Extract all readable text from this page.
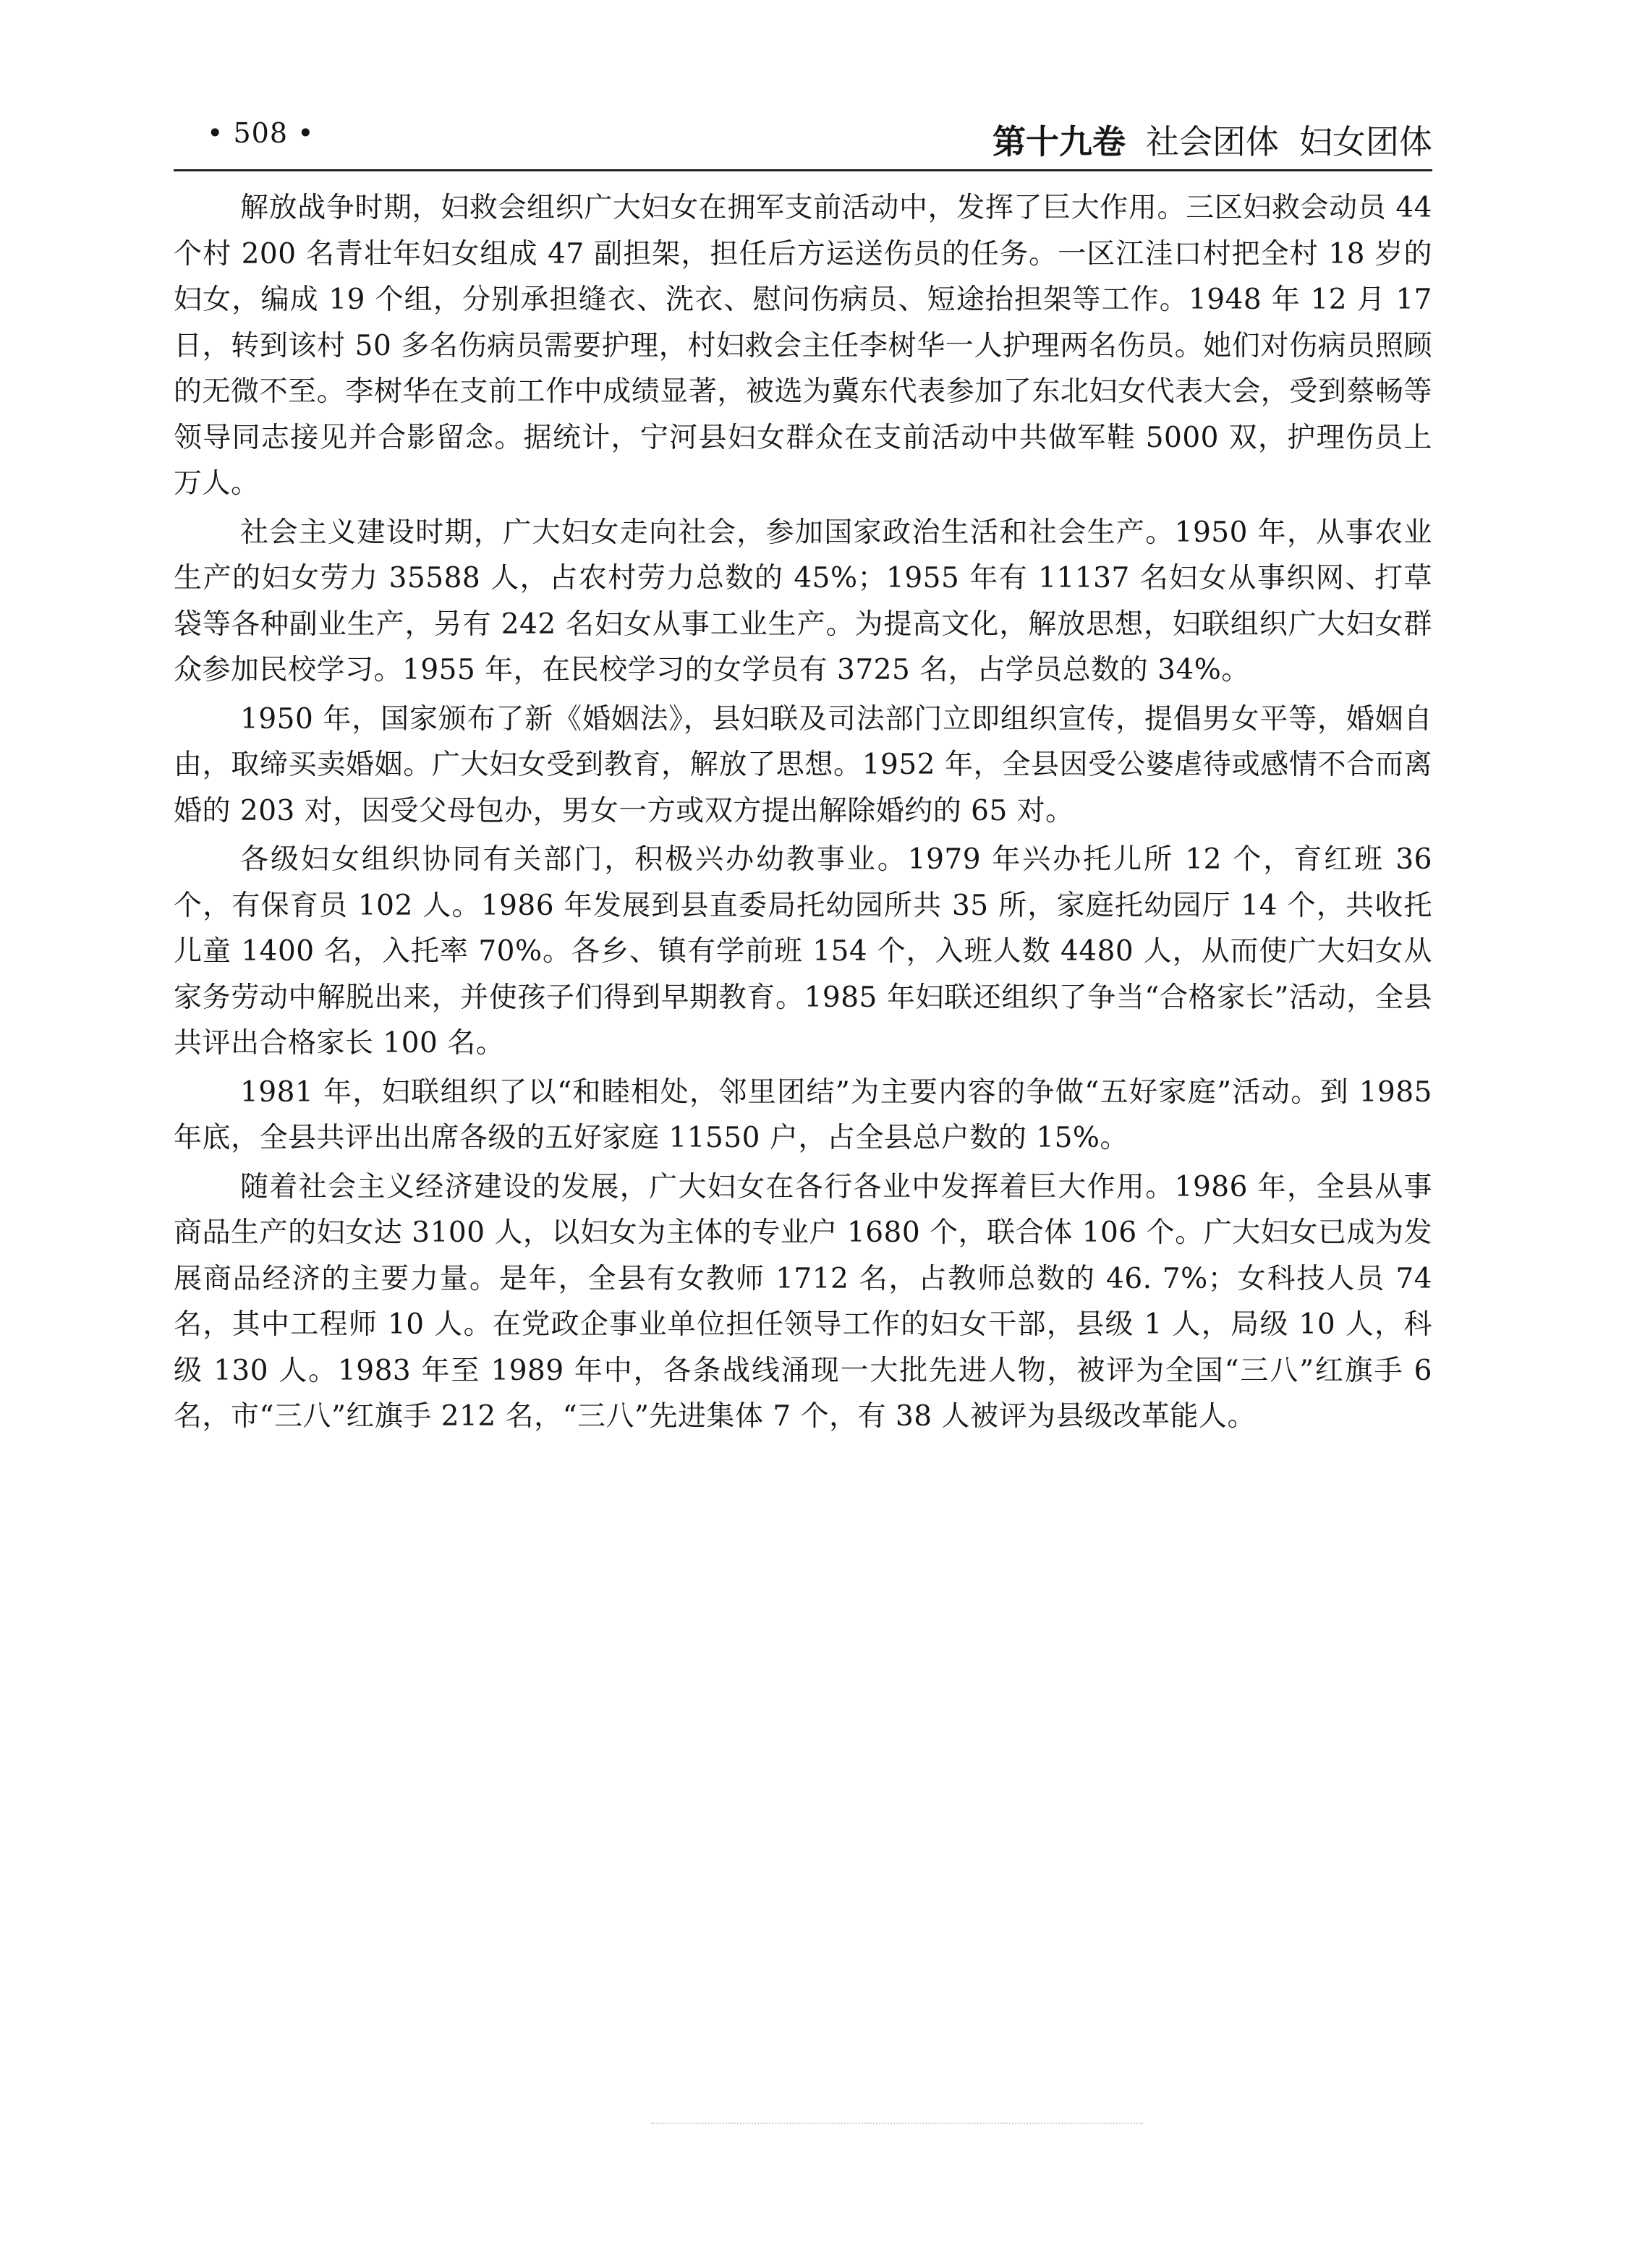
• 508 •	第十九卷 社会团体 妇女团体

解放战争时期，妇救会组织广大妇女在拥军支前活动中，发挥了巨大作用。三区妇救会动员 44 个村 200 名青壮年妇女组成 47 副担架，担任后方运送伤员的任务。一区江洼口村把全村 18 岁的妇女，编成 19 个组，分别承担缝衣、洗衣、慰问伤病员、短途抬担架等工作。1948 年 12 月 17 日，转到该村 50 多名伤病员需要护理，村妇救会主任李树华一人护理两名伤员。她们对伤病员照顾的无微不至。李树华在支前工作中成绩显著，被选为冀东代表参加了东北妇女代表大会，受到蔡畅等领导同志接见并合影留念。据统计，宁河县妇女群众在支前活动中共做军鞋 5000 双，护理伤员上万人。

社会主义建设时期，广大妇女走向社会，参加国家政治生活和社会生产。1950 年，从事农业生产的妇女劳力 35588 人，占农村劳力总数的 45%；1955 年有 11137 名妇女从事织网、打草袋等各种副业生产，另有 242 名妇女从事工业生产。为提高文化，解放思想，妇联组织广大妇女群众参加民校学习。1955 年，在民校学习的女学员有 3725 名，占学员总数的 34%。

1950 年，国家颁布了新《婚姻法》，县妇联及司法部门立即组织宣传，提倡男女平等，婚姻自由，取缔买卖婚姻。广大妇女受到教育，解放了思想。1952 年，全县因受公婆虐待或感情不合而离婚的 203 对，因受父母包办，男女一方或双方提出解除婚约的 65 对。

各级妇女组织协同有关部门，积极兴办幼教事业。1979 年兴办托儿所 12 个，育红班 36 个，有保育员 102 人。1986 年发展到县直委局托幼园所共 35 所，家庭托幼园厅 14 个，共收托儿童 1400 名，入托率 70%。各乡、镇有学前班 154 个，入班人数 4480 人，从而使广大妇女从家务劳动中解脱出来，并使孩子们得到早期教育。1985 年妇联还组织了争当“合格家长”活动，全县共评出合格家长 100 名。

1981 年，妇联组织了以“和睦相处，邻里团结”为主要内容的争做“五好家庭”活动。到 1985 年底，全县共评出出席各级的五好家庭 11550 户，占全县总户数的 15%。

随着社会主义经济建设的发展，广大妇女在各行各业中发挥着巨大作用。1986 年，全县从事商品生产的妇女达 3100 人，以妇女为主体的专业户 1680 个，联合体 106 个。广大妇女已成为发展商品经济的主要力量。是年，全县有女教师 1712 名，占教师总数的 46. 7%；女科技人员 74 名，其中工程师 10 人。在党政企事业单位担任领导工作的妇女干部，县级 1 人，局级 10 人，科级 130 人。1983 年至 1989 年中，各条战线涌现一大批先进人物，被评为全国“三八”红旗手 6 名，市“三八”红旗手 212 名，“三八”先进集体 7 个，有 38 人被评为县级改革能人。
